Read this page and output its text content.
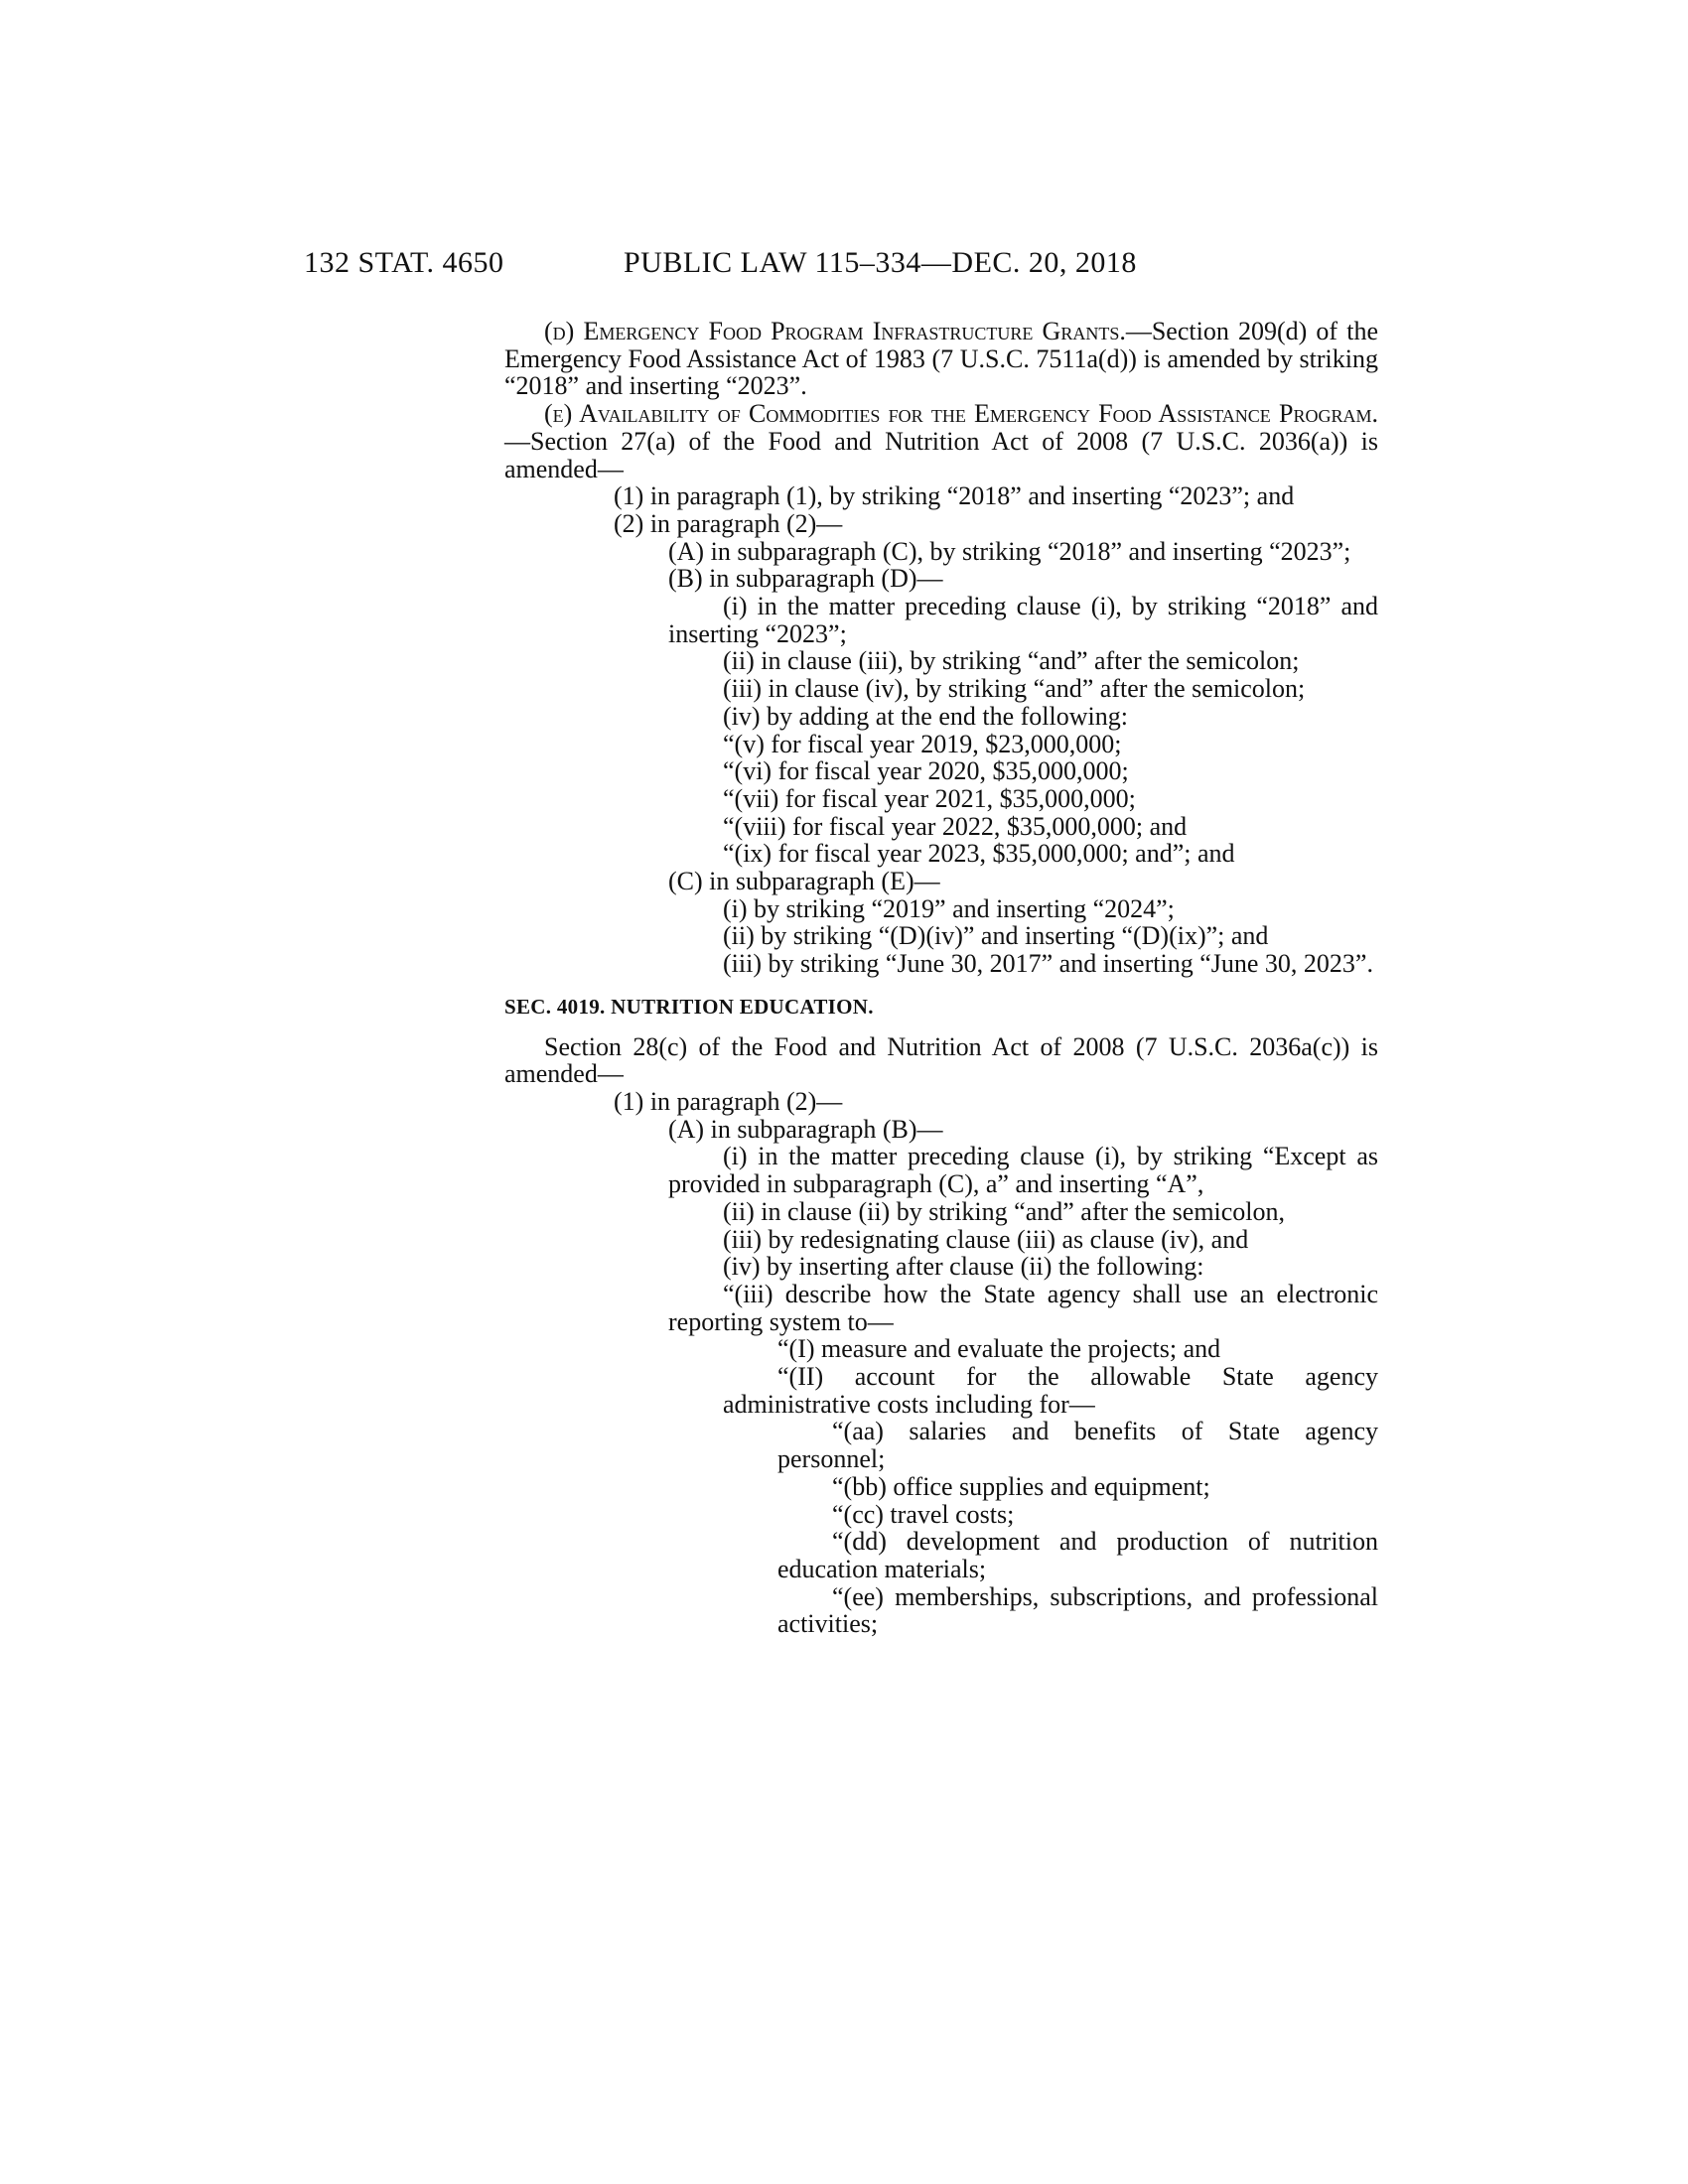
132 STAT. 4650	PUBLIC LAW 115–334—DEC. 20, 2018

(d) Emergency Food Program Infrastructure Grants.—Section 209(d) of the Emergency Food Assistance Act of 1983 (7 U.S.C. 7511a(d)) is amended by striking “2018” and inserting “2023”.

(e) Availability of Commodities for the Emergency Food Assistance Program.—Section 27(a) of the Food and Nutrition Act of 2008 (7 U.S.C. 2036(a)) is amended—

(1) in paragraph (1), by striking “2018” and inserting “2023”; and

(2) in paragraph (2)—

(A) in subparagraph (C), by striking “2018” and inserting “2023”;

(B) in subparagraph (D)—

(i) in the matter preceding clause (i), by striking “2018” and inserting “2023”;

(ii) in clause (iii), by striking “and” after the semicolon;

(iii) in clause (iv), by striking “and” after the semicolon;

(iv) by adding at the end the following:

“(v) for fiscal year 2019, $23,000,000;

“(vi) for fiscal year 2020, $35,000,000;

“(vii) for fiscal year 2021, $35,000,000;

“(viii) for fiscal year 2022, $35,000,000; and

“(ix) for fiscal year 2023, $35,000,000; and”; and

(C) in subparagraph (E)—

(i) by striking “2019” and inserting “2024”;

(ii) by striking “(D)(iv)” and inserting “(D)(ix)”; and

(iii) by striking “June 30, 2017” and inserting “June 30, 2023”.

SEC. 4019. NUTRITION EDUCATION.

Section 28(c) of the Food and Nutrition Act of 2008 (7 U.S.C. 2036a(c)) is amended—

(1) in paragraph (2)—

(A) in subparagraph (B)—

(i) in the matter preceding clause (i), by striking “Except as provided in subparagraph (C), a” and inserting “A”,

(ii) in clause (ii) by striking “and” after the semicolon,

(iii) by redesignating clause (iii) as clause (iv), and

(iv) by inserting after clause (ii) the following:

“(iii) describe how the State agency shall use an electronic reporting system to—

“(I) measure and evaluate the projects; and

“(II) account for the allowable State agency administrative costs including for—

“(aa) salaries and benefits of State agency personnel;

“(bb) office supplies and equipment;

“(cc) travel costs;

“(dd) development and production of nutrition education materials;

“(ee) memberships, subscriptions, and professional activities;
